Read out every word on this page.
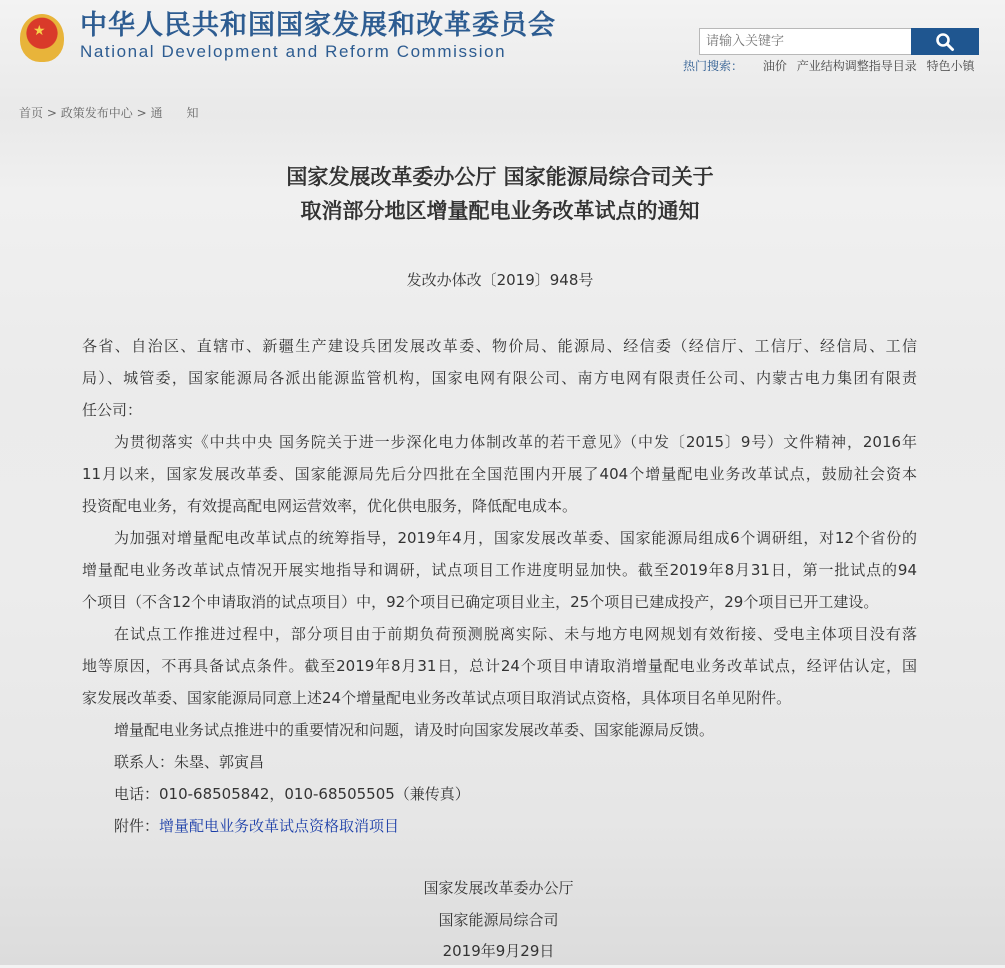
★ 中华人民共和国国家发展和改革委员会
National Development and Reform Commission
请输入关键字
热门搜索： 油价 产业结构调整指导目录 特色小镇
首页 > 政策发布中心 > 通　　知
国家发展改革委办公厅 国家能源局综合司关于
取消部分地区增量配电业务改革试点的通知
发改办体改〔2019〕948号
各省、自治区、直辖市、新疆生产建设兵团发展改革委、物价局、能源局、经信委（经信厅、工信厅、经信局、工信
局）、城管委，国家能源局各派出能源监管机构，国家电网有限公司、南方电网有限责任公司、内蒙古电力集团有限责
任公司：
为贯彻落实《中共中央 国务院关于进一步深化电力体制改革的若干意见》（中发〔2015〕9号）文件精神，2016年
11月以来，国家发展改革委、国家能源局先后分四批在全国范围内开展了404个增量配电业务改革试点，鼓励社会资本
投资配电业务，有效提高配电网运营效率，优化供电服务，降低配电成本。
为加强对增量配电改革试点的统筹指导，2019年4月，国家发展改革委、国家能源局组成6个调研组，对12个省份的
增量配电业务改革试点情况开展实地指导和调研，试点项目工作进度明显加快。截至2019年8月31日，第一批试点的94
个项目（不含12个申请取消的试点项目）中，92个项目已确定项目业主，25个项目已建成投产，29个项目已开工建设。
在试点工作推进过程中，部分项目由于前期负荷预测脱离实际、未与地方电网规划有效衔接、受电主体项目没有落
地等原因，不再具备试点条件。截至2019年8月31日，总计24个项目申请取消增量配电业务改革试点，经评估认定，国
家发展改革委、国家能源局同意上述24个增量配电业务改革试点项目取消试点资格，具体项目名单见附件。
增量配电业务试点推进中的重要情况和问题，请及时向国家发展改革委、国家能源局反馈。
联系人：朱塁、郭寅昌
电话：010-68505842，010-68505505（兼传真）
附件：增量配电业务改革试点资格取消项目
国家发展改革委办公厅
国家能源局综合司
2019年9月29日
